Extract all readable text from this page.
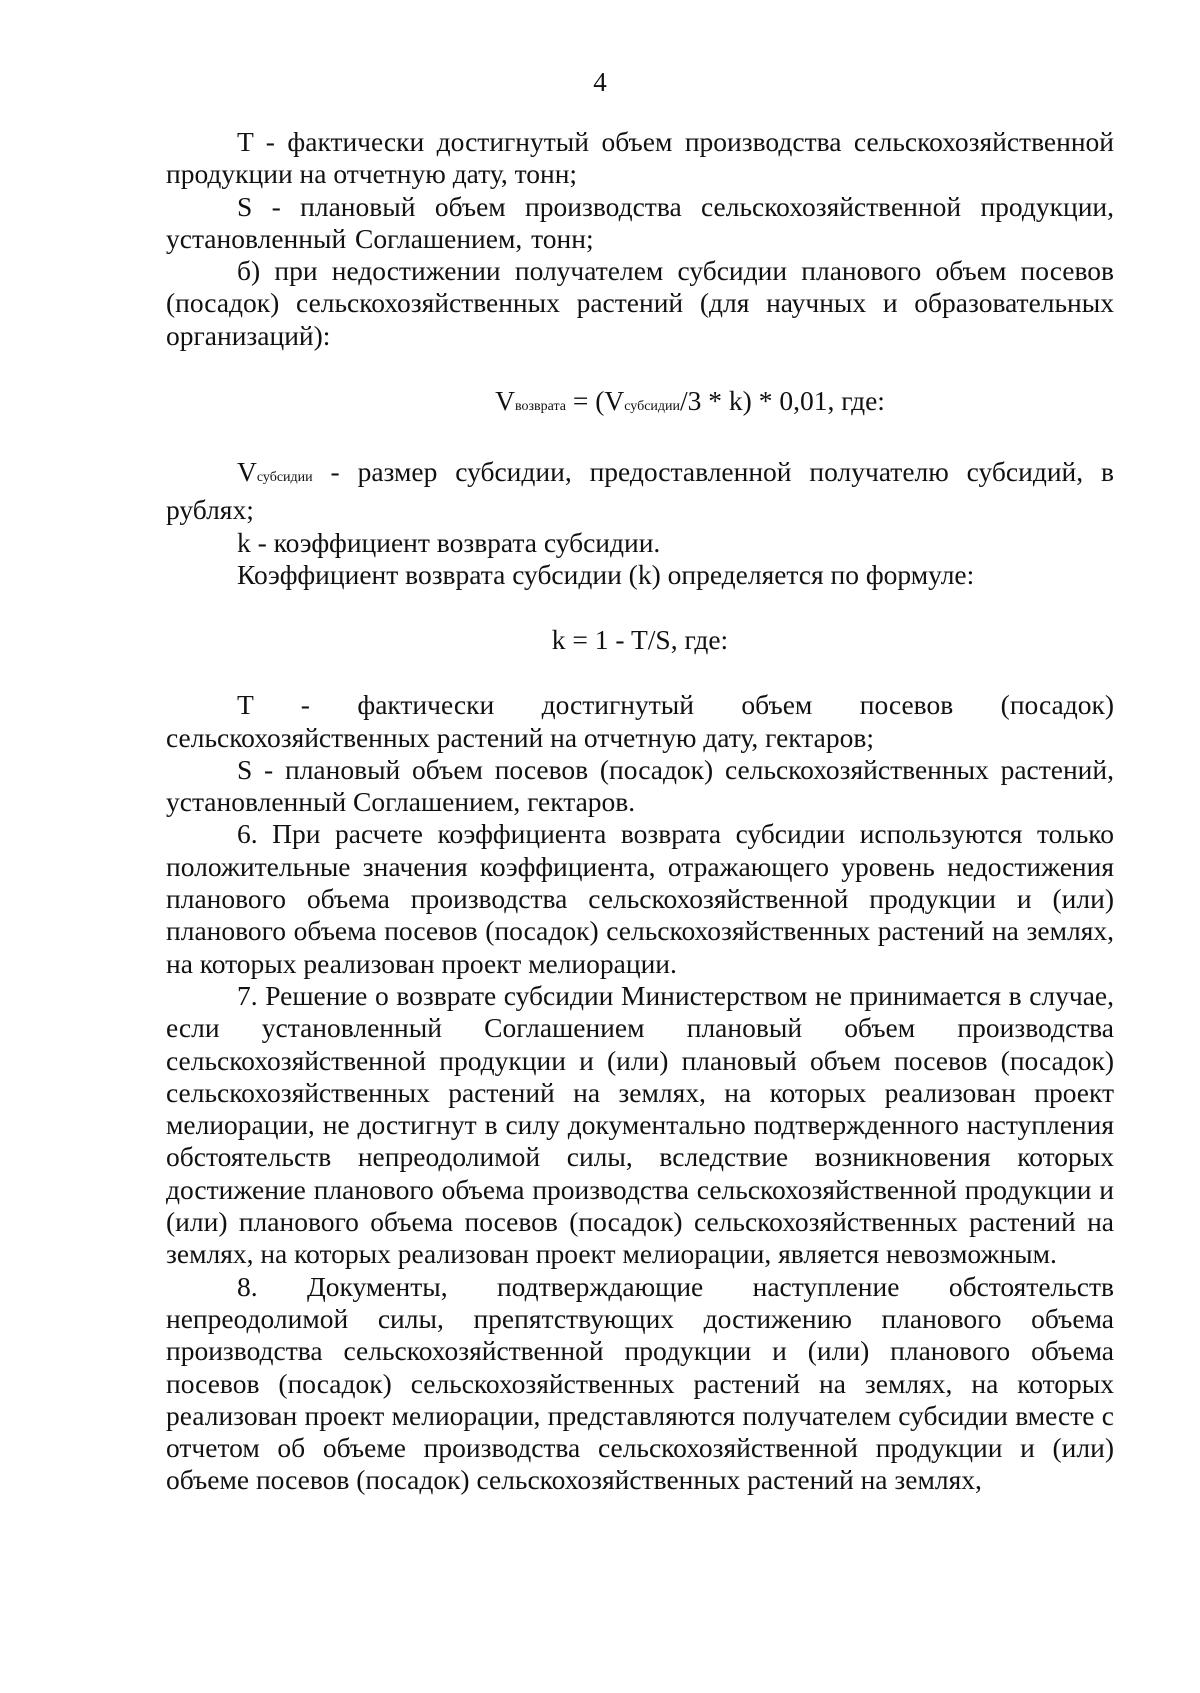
4

T - фактически достигнутый объем производства сельскохозяйственной продукции на отчетную дату, тонн;

S - плановый объем производства сельскохозяйственной продукции, установленный Соглашением, тонн;

б) при недостижении получателем субсидии планового объем посевов (посадок) сельскохозяйственных растений (для научных и образовательных организаций):

Vвозврата = (Vсубсидии/3 * k) * 0,01, где:

Vсубсидии - размер субсидии, предоставленной получателю субсидий, в рублях;

k - коэффициент возврата субсидии.

Коэффициент возврата субсидии (k) определяется по формуле:

k = 1 - T/S, где:

T - фактически достигнутый объем посевов (посадок) сельскохозяйственных растений на отчетную дату, гектаров;

S - плановый объем посевов (посадок) сельскохозяйственных растений, установленный Соглашением, гектаров.

6. При расчете коэффициента возврата субсидии используются только положительные значения коэффициента, отражающего уровень недостижения планового объема производства сельскохозяйственной продукции и (или) планового объема посевов (посадок) сельскохозяйственных растений на землях, на которых реализован проект мелиорации.

7. Решение о возврате субсидии Министерством не принимается в случае, если установленный Соглашением плановый объем производства сельскохозяйственной продукции и (или) плановый объем посевов (посадок) сельскохозяйственных растений на землях, на которых реализован проект мелиорации, не достигнут в силу документально подтвержденного наступления обстоятельств непреодолимой силы, вследствие возникновения которых достижение планового объема производства сельскохозяйственной продукции и (или) планового объема посевов (посадок) сельскохозяйственных растений на землях, на которых реализован проект мелиорации, является невозможным.

8. Документы, подтверждающие наступление обстоятельств непреодолимой силы, препятствующих достижению планового объема производства сельскохозяйственной продукции и (или) планового объема посевов (посадок) сельскохозяйственных растений на землях, на которых реализован проект мелиорации, представляются получателем субсидии вместе с отчетом об объеме производства сельскохозяйственной продукции и (или) объеме посевов (посадок) сельскохозяйственных растений на землях,
